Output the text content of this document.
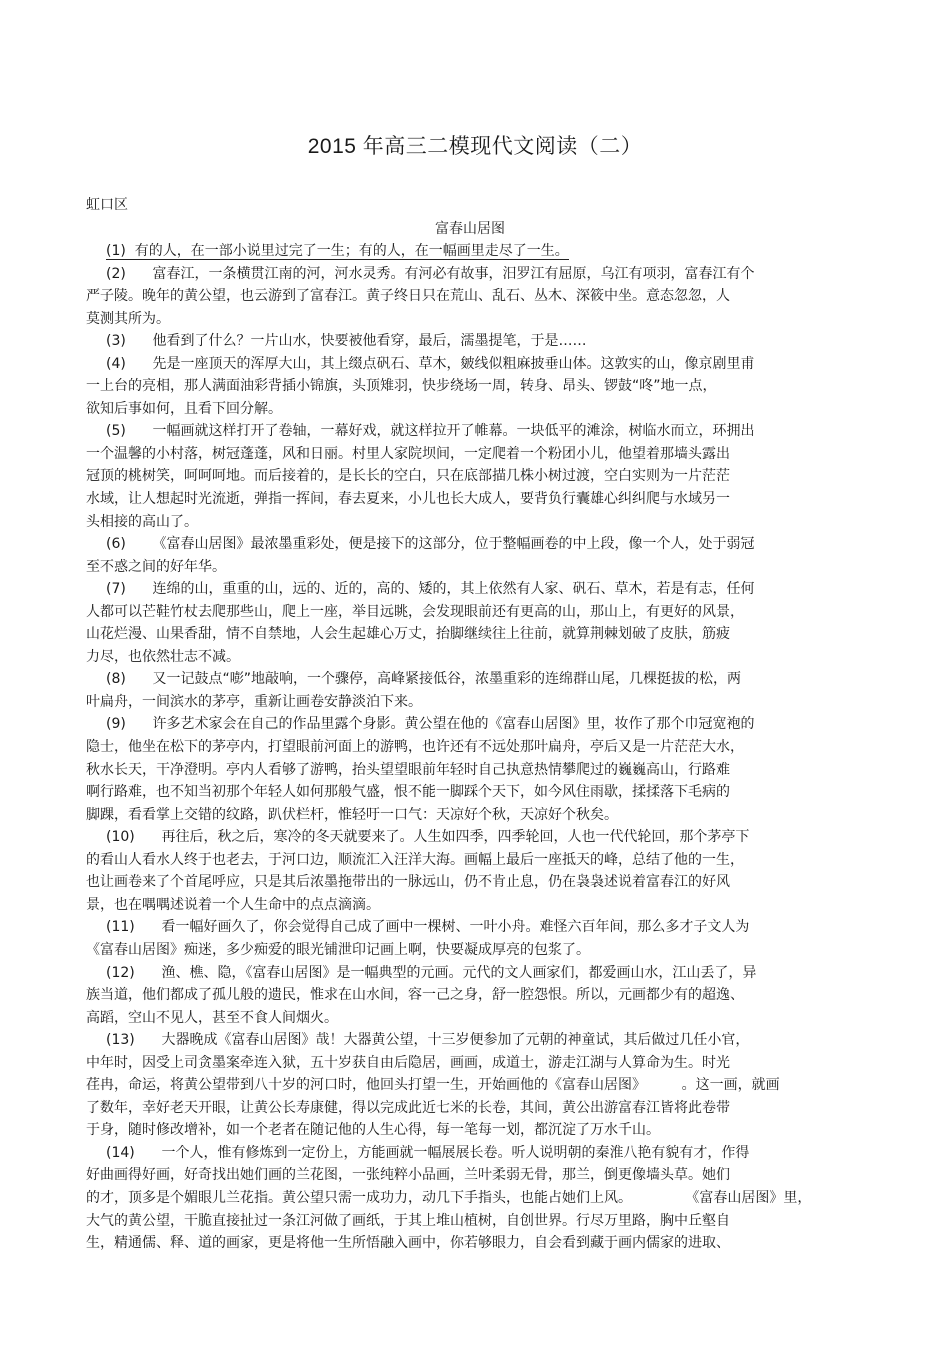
2015 年高三二模现代文阅读（二）
虹口区
富春山居图
(1)  有的人，在一部小说里过完了一生；有的人，在一幅画里走尽了一生。
(2)      富春江，一条横贯江南的河，河水灵秀。有河必有故事，汨罗江有屈原，乌江有项羽，富春江有个
严子陵。晚年的黄公望，也云游到了富春江。黄子终日只在荒山、乱石、丛木、深筱中坐。意态忽忽，人
莫测其所为。
(3)      他看到了什么？一片山水，快要被他看穿，最后，濡墨提笔，于是……
(4)      先是一座顶天的浑厚大山，其上缀点矾石、草木，皴线似粗麻披垂山体。这敦实的山，像京剧里甫
一上台的亮相，那人满面油彩背插小锦旗，头顶雉羽，快步绕场一周，转身、昂头、锣鼓“咚”地一点，
欲知后事如何，且看下回分解。
(5)      一幅画就这样打开了卷轴，一幕好戏，就这样拉开了帷幕。一块低平的滩涂，树临水而立，环拥出
一个温馨的小村落，树冠蓬蓬，风和日丽。村里人家院坝间，一定爬着一个粉团小儿，他望着那墙头露出
冠顶的桃树笑，呵呵呵地。而后接着的，是长长的空白，只在底部描几株小树过渡，空白实则为一片茫茫
水域，让人想起时光流逝，弹指一挥间，春去夏来，小儿也长大成人，要背负行囊雄心纠纠爬与水域另一
头相接的高山了。
(6)      《富春山居图》最浓墨重彩处，便是接下的这部分，位于整幅画卷的中上段，像一个人，处于弱冠
至不惑之间的好年华。
(7)      连绵的山，重重的山，远的、近的，高的、矮的，其上依然有人家、矾石、草木，若是有志，任何
人都可以芒鞋竹杖去爬那些山，爬上一座，举目远眺，会发现眼前还有更高的山，那山上，有更好的风景，
山花烂漫、山果香甜，情不自禁地，人会生起雄心万丈，抬脚继续往上往前，就算荆棘划破了皮肤，筋疲
力尽，也依然壮志不减。
(8)      又一记鼓点“嘭”地敲响，一个骤停，高峰紧接低谷，浓墨重彩的连绵群山尾，几棵挺拔的松，两
叶扁舟，一间滨水的茅亭，重新让画卷安静淡泊下来。
(9)      许多艺术家会在自己的作品里露个身影。黄公望在他的《富春山居图》里，妆作了那个巾冠宽袍的
隐士，他坐在松下的茅亭内，打望眼前河面上的游鸭，也许还有不远处那叶扁舟，亭后又是一片茫茫大水，
秋水长天，干净澄明。亭内人看够了游鸭，抬头望望眼前年轻时自己执意热情攀爬过的巍巍高山，行路难
啊行路难，也不知当初那个年轻人如何那般气盛，恨不能一脚踩个天下，如今风住雨歇，揉揉落下毛病的
脚踝，看看掌上交错的纹路，趴伏栏杆，惟轻吁一口气：天凉好个秋，天凉好个秋矣。
(10)      再往后，秋之后，寒冷的冬天就要来了。人生如四季，四季轮回，人也一代代轮回，那个茅亭下
的看山人看水人终于也老去，于河口边，顺流汇入汪洋大海。画幅上最后一座抵天的峰，总结了他的一生，
也让画卷来了个首尾呼应，只是其后浓墨拖带出的一脉远山，仍不肯止息，仍在袅袅述说着富春江的好风
景，也在喁喁述说着一个人生命中的点点滴滴。
(11)      看一幅好画久了，你会觉得自己成了画中一棵树、一叶小舟。难怪六百年间，那么多才子文人为
《富春山居图》痴迷，多少痴爱的眼光铺泄印记画上啊，快要凝成厚亮的包浆了。
(12)      渔、樵、隐，《富春山居图》是一幅典型的元画。元代的文人画家们，都爱画山水，江山丢了，异
族当道，他们都成了孤儿般的遗民，惟求在山水间，容一己之身，舒一腔怨恨。所以，元画都少有的超逸、
高蹈，空山不见人，甚至不食人间烟火。
(13)      大器晚成《富春山居图》哉！大器黄公望，十三岁便参加了元朝的神童试，其后做过几任小官，
中年时，因受上司贪墨案牵连入狱，五十岁获自由后隐居，画画，成道士，游走江湖与人算命为生。时光
荏冉，命运，将黄公望带到八十岁的河口时，他回头打望一生，开始画他的《富春山居图》        。这一画，就画
了数年，幸好老天开眼，让黄公长寿康健，得以完成此近七米的长卷，其间，黄公出游富春江皆将此卷带
于身，随时修改增补，如一个老者在随记他的人生心得，每一笔每一划，都沉淀了万水千山。
(14)      一个人，惟有修炼到一定份上，方能画就一幅展展长卷。听人说明朝的秦淮八艳有貌有才，作得
好曲画得好画，好奇找出她们画的兰花图，一张纯粹小品画，兰叶柔弱无骨，那兰，倒更像墙头草。她们
的才，顶多是个媚眼儿兰花指。黄公望只需一成功力，动几下手指头，也能占她们上风。            《富春山居图》里，
大气的黄公望，干脆直接扯过一条江河做了画纸，于其上堆山植树，自创世界。行尽万里路，胸中丘壑自
生，精通儒、释、道的画家，更是将他一生所悟融入画中，你若够眼力，自会看到藏于画内儒家的进取、
